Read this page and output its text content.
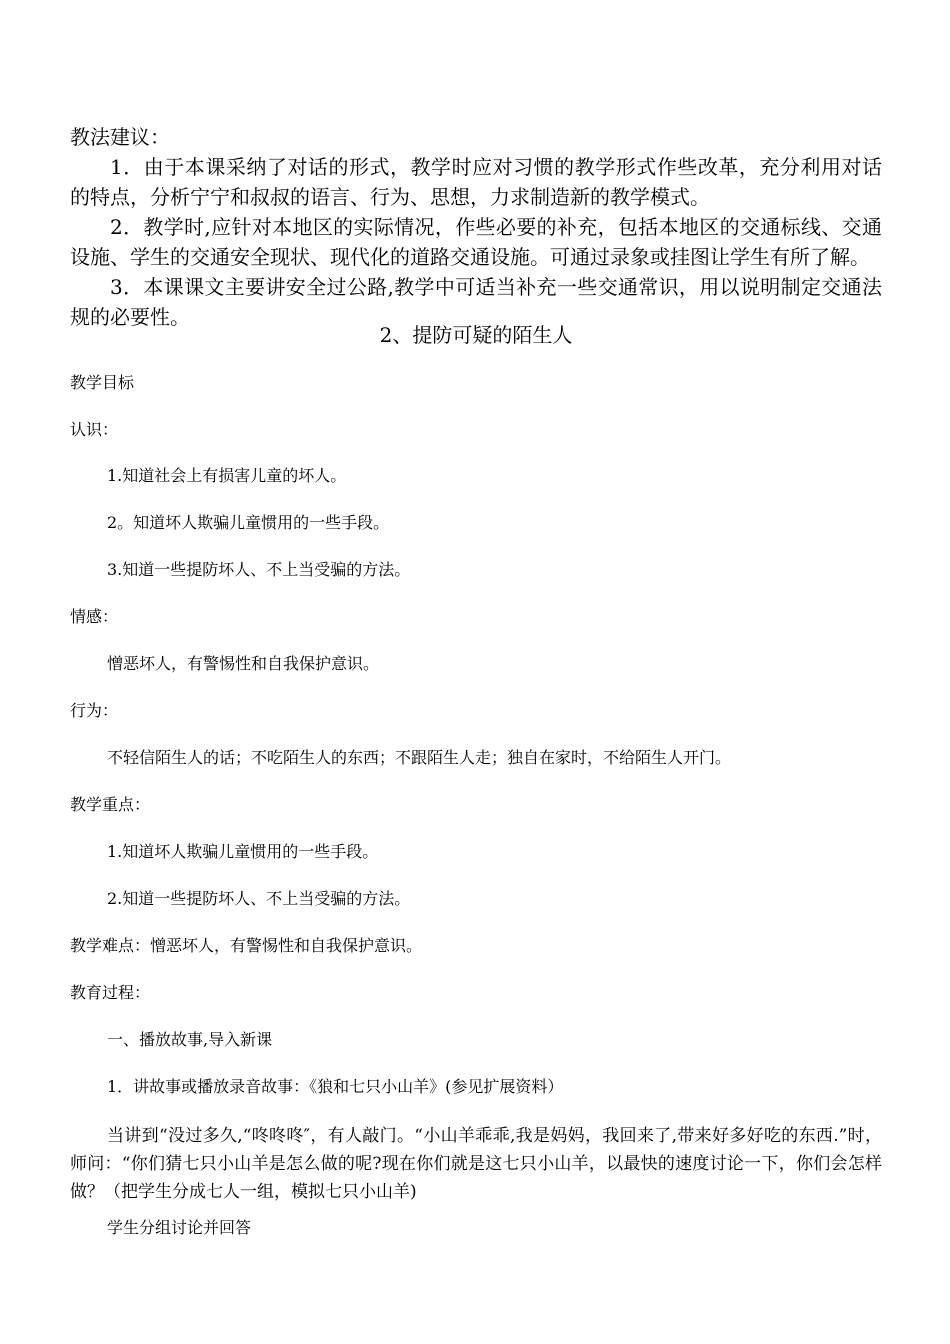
教法建议：

1．由于本课采纳了对话的形式，教学时应对习惯的教学形式作些改革，充分利用对话的特点，分析宁宁和叔叔的语言、行为、思想，力求制造新的教学模式。

2．教学时,应针对本地区的实际情况，作些必要的补充，包括本地区的交通标线、交通设施、学生的交通安全现状、现代化的道路交通设施。可通过录象或挂图让学生有所了解。

3．本课课文主要讲安全过公路,教学中可适当补充一些交通常识，用以说明制定交通法规的必要性。

2、提防可疑的陌生人

教学目标

认识：

1.知道社会上有损害儿童的坏人。

2。知道坏人欺骗儿童惯用的一些手段。

3.知道一些提防坏人、不上当受骗的方法。

情感：

憎恶坏人，有警惕性和自我保护意识。

行为：

不轻信陌生人的话；不吃陌生人的东西；不跟陌生人走；独自在家时，不给陌生人开门。

教学重点：

1.知道坏人欺骗儿童惯用的一些手段。

2.知道一些提防坏人、不上当受骗的方法。

教学难点：憎恶坏人，有警惕性和自我保护意识。

教育过程：

一、播放故事,导入新课

1．讲故事或播放录音故事：《狼和七只小山羊》(参见扩展资料）

当讲到“没过多久,“咚咚咚″，有人敲门。“小山羊乖乖,我是妈妈，我回来了,带来好多好吃的东西.”时，师问：“你们猜七只小山羊是怎么做的呢?现在你们就是这七只小山羊，以最快的速度讨论一下，你们会怎样做？（把学生分成七人一组，模拟七只小山羊)

学生分组讨论并回答
